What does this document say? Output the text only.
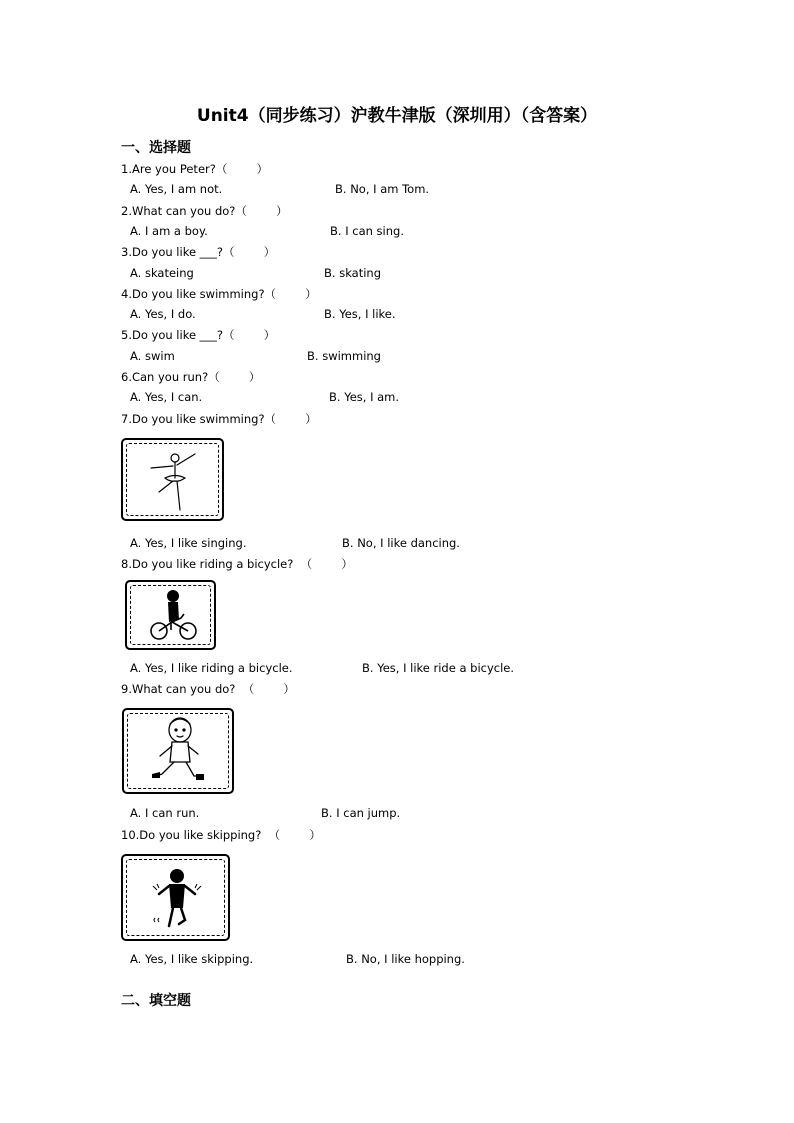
Unit4（同步练习）沪教牛津版（深圳用）（含答案）
一、选择题
1.Are you Peter?（        ）
A. Yes, I am not.	B. No, I am Tom.
2.What can you do?（        ）
A. I am a boy.	B. I can sing.
3.Do you like ___?（        ）
A. skateing	B. skating
4.Do you like swimming?（        ）
A. Yes, I do.	B. Yes, I like.
5.Do you like ___?（        ）
A. swim	B. swimming
6.Can you run?（        ）
A. Yes, I can.	B. Yes, I am.
7.Do you like swimming?（        ）
A. Yes, I like singing.	B. No, I like dancing.
8.Do you like riding a bicycle?  （        ）
A. Yes, I like riding a bicycle.	B. Yes, I like ride a bicycle.
9.What can you do?  （        ）
A. I can run.	B. I can jump.
10.Do you like skipping?  （        ）
A. Yes, I like skipping.	B. No, I like hopping.
二、填空题
